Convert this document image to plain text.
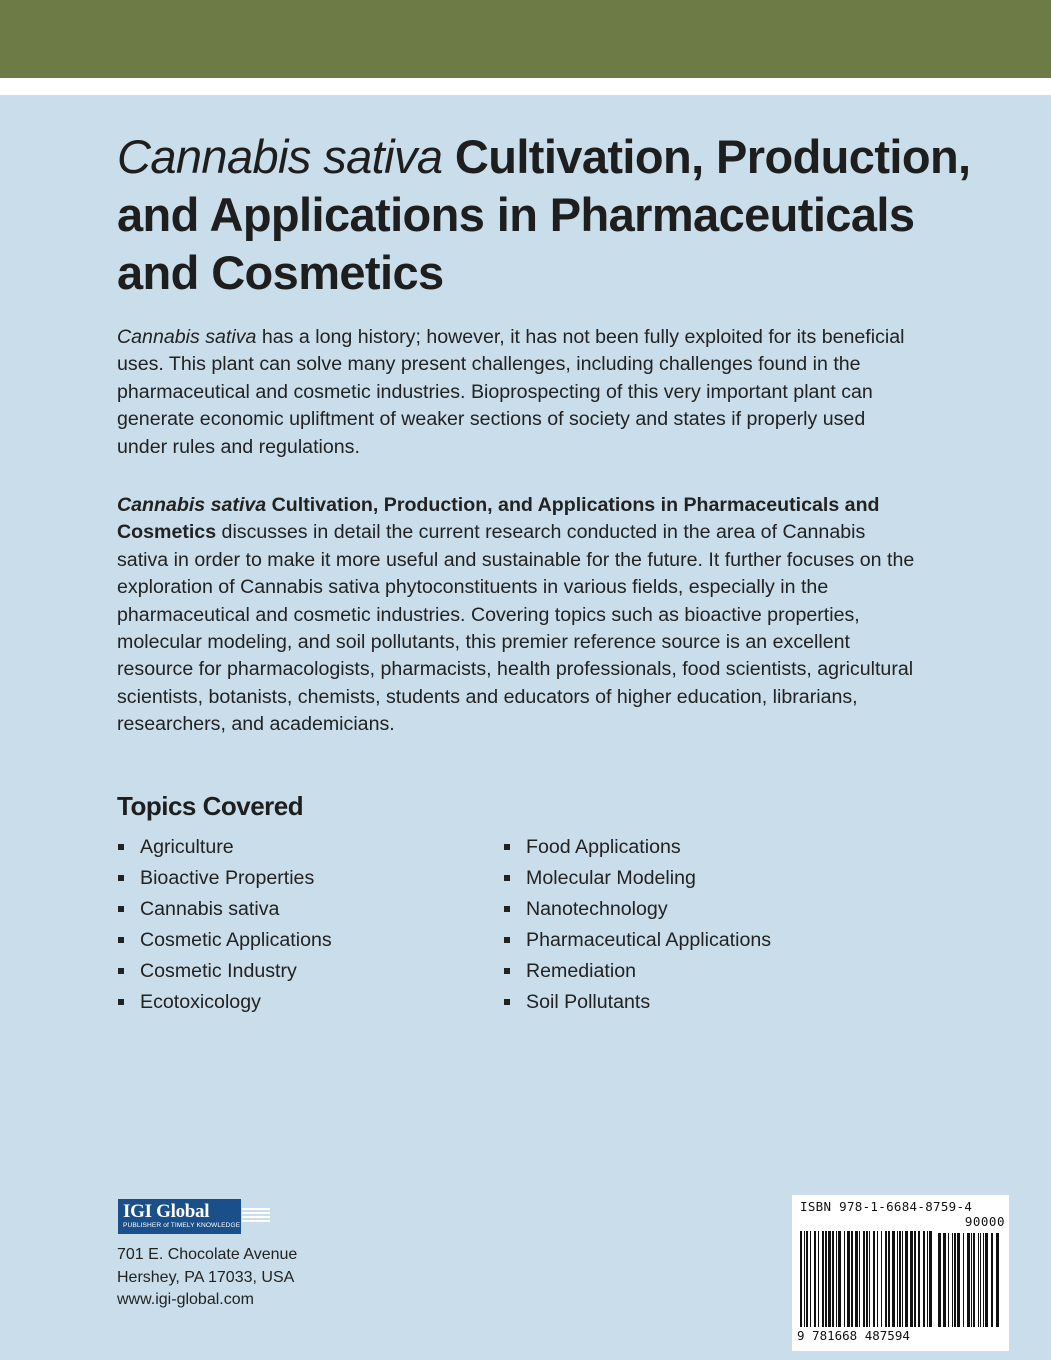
Cannabis sativa Cultivation, Production, and Applications in Pharmaceuticals and Cosmetics

Cannabis sativa has a long history; however, it has not been fully exploited for its beneficial uses. This plant can solve many present challenges, including challenges found in the pharmaceutical and cosmetic industries. Bioprospecting of this very important plant can generate economic upliftment of weaker sections of society and states if properly used under rules and regulations.

Cannabis sativa Cultivation, Production, and Applications in Pharmaceuticals and Cosmetics discusses in detail the current research conducted in the area of Cannabis sativa in order to make it more useful and sustainable for the future. It further focuses on the exploration of Cannabis sativa phytoconstituents in various fields, especially in the pharmaceutical and cosmetic industries. Covering topics such as bioactive properties, molecular modeling, and soil pollutants, this premier reference source is an excellent resource for pharmacologists, pharmacists, health professionals, food scientists, agricultural scientists, botanists, chemists, students and educators of higher education, librarians, researchers, and academicians.

Topics Covered
Agriculture
Bioactive Properties
Cannabis sativa
Cosmetic Applications
Cosmetic Industry
Ecotoxicology
Food Applications
Molecular Modeling
Nanotechnology
Pharmaceutical Applications
Remediation
Soil Pollutants
IGI Global
PUBLISHER of TIMELY KNOWLEDGE

701 E. Chocolate Avenue
Hershey, PA 17033, USA
www.igi-global.com

ISBN 978-1-6684-8759-4

90000

9 781668 487594
